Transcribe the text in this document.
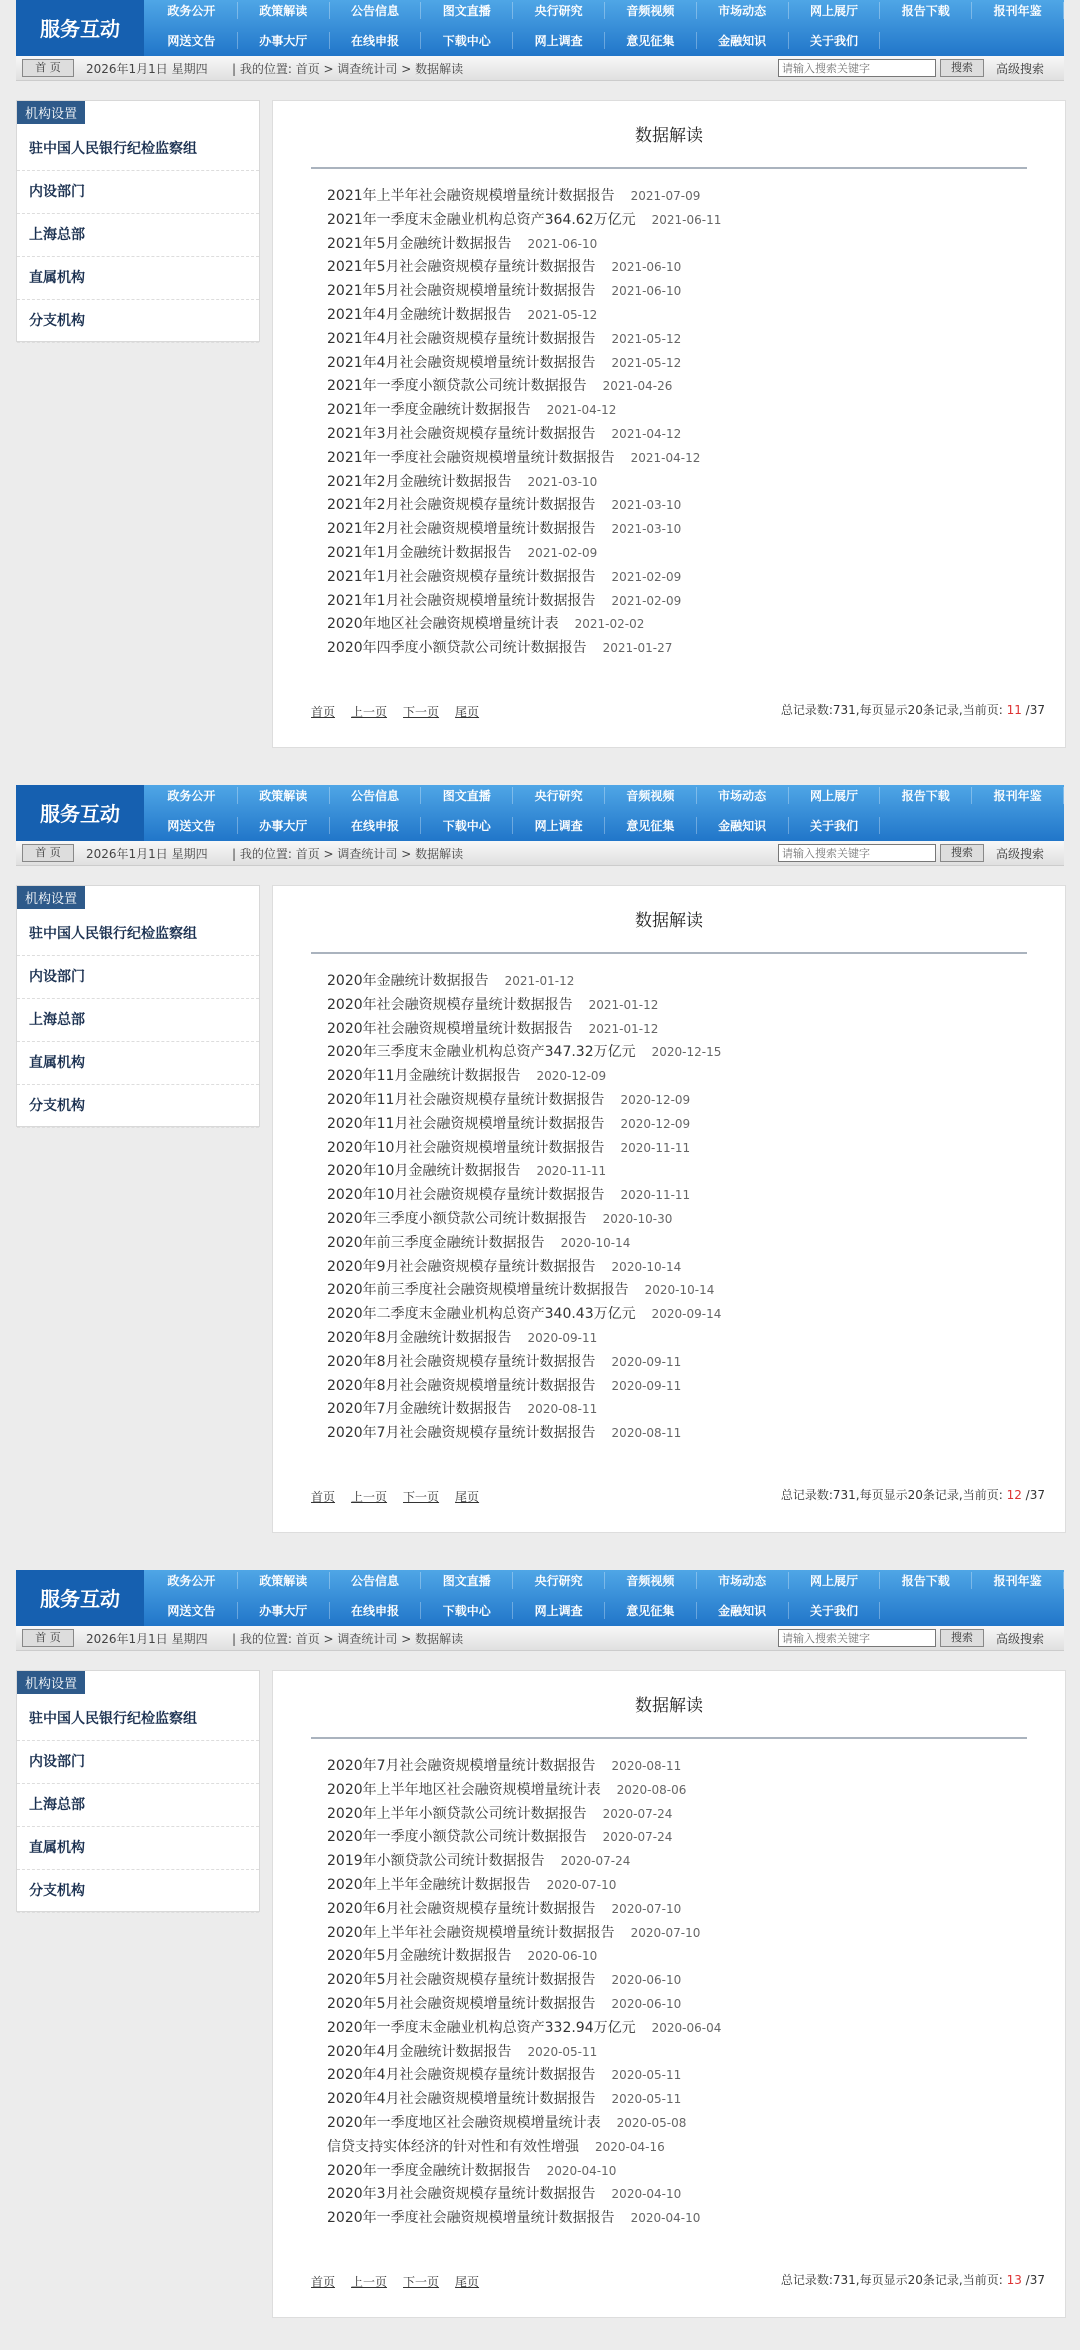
服务互动
政务公开	政策解读	公告信息	图文直播	央行研究	音频视频	市场动态	网上展厅	报告下载	报刊年鉴
网送文告	办事大厅	在线申报	下载中心	网上调查	意见征集	金融知识	关于我们
首 页	2026年1月1日 星期四 | 我的位置: 首页 > 调查统计司 > 数据解读
请输入搜索关键字	搜索	高级搜索
机构设置
驻中国人民银行纪检监察组
内设部门
上海总部
直属机构
分支机构
数据解读
2021年上半年社会融资规模增量统计数据报告 2021-07-09
2021年一季度末金融业机构总资产364.62万亿元 2021-06-11
2021年5月金融统计数据报告 2021-06-10
2021年5月社会融资规模存量统计数据报告 2021-06-10
2021年5月社会融资规模增量统计数据报告 2021-06-10
2021年4月金融统计数据报告 2021-05-12
2021年4月社会融资规模存量统计数据报告 2021-05-12
2021年4月社会融资规模增量统计数据报告 2021-05-12
2021年一季度小额贷款公司统计数据报告 2021-04-26
2021年一季度金融统计数据报告 2021-04-12
2021年3月社会融资规模存量统计数据报告 2021-04-12
2021年一季度社会融资规模增量统计数据报告 2021-04-12
2021年2月金融统计数据报告 2021-03-10
2021年2月社会融资规模存量统计数据报告 2021-03-10
2021年2月社会融资规模增量统计数据报告 2021-03-10
2021年1月金融统计数据报告 2021-02-09
2021年1月社会融资规模存量统计数据报告 2021-02-09
2021年1月社会融资规模增量统计数据报告 2021-02-09
2020年地区社会融资规模增量统计表 2021-02-02
2020年四季度小额贷款公司统计数据报告 2021-01-27
首页 上一页 下一页 尾页	总记录数:731,每页显示20条记录,当前页: 11 /37
服务互动
政务公开	政策解读	公告信息	图文直播	央行研究	音频视频	市场动态	网上展厅	报告下载	报刊年鉴
网送文告	办事大厅	在线申报	下载中心	网上调查	意见征集	金融知识	关于我们
首 页	2026年1月1日 星期四 | 我的位置: 首页 > 调查统计司 > 数据解读
请输入搜索关键字	搜索	高级搜索
机构设置
驻中国人民银行纪检监察组
内设部门
上海总部
直属机构
分支机构
数据解读
2020年金融统计数据报告 2021-01-12
2020年社会融资规模存量统计数据报告 2021-01-12
2020年社会融资规模增量统计数据报告 2021-01-12
2020年三季度末金融业机构总资产347.32万亿元 2020-12-15
2020年11月金融统计数据报告 2020-12-09
2020年11月社会融资规模存量统计数据报告 2020-12-09
2020年11月社会融资规模增量统计数据报告 2020-12-09
2020年10月社会融资规模增量统计数据报告 2020-11-11
2020年10月金融统计数据报告 2020-11-11
2020年10月社会融资规模存量统计数据报告 2020-11-11
2020年三季度小额贷款公司统计数据报告 2020-10-30
2020年前三季度金融统计数据报告 2020-10-14
2020年9月社会融资规模存量统计数据报告 2020-10-14
2020年前三季度社会融资规模增量统计数据报告 2020-10-14
2020年二季度末金融业机构总资产340.43万亿元 2020-09-14
2020年8月金融统计数据报告 2020-09-11
2020年8月社会融资规模存量统计数据报告 2020-09-11
2020年8月社会融资规模增量统计数据报告 2020-09-11
2020年7月金融统计数据报告 2020-08-11
2020年7月社会融资规模存量统计数据报告 2020-08-11
首页 上一页 下一页 尾页	总记录数:731,每页显示20条记录,当前页: 12 /37
服务互动
政务公开	政策解读	公告信息	图文直播	央行研究	音频视频	市场动态	网上展厅	报告下载	报刊年鉴
网送文告	办事大厅	在线申报	下载中心	网上调查	意见征集	金融知识	关于我们
首 页	2026年1月1日 星期四 | 我的位置: 首页 > 调查统计司 > 数据解读
请输入搜索关键字	搜索	高级搜索
机构设置
驻中国人民银行纪检监察组
内设部门
上海总部
直属机构
分支机构
数据解读
2020年7月社会融资规模增量统计数据报告 2020-08-11
2020年上半年地区社会融资规模增量统计表 2020-08-06
2020年上半年小额贷款公司统计数据报告 2020-07-24
2020年一季度小额贷款公司统计数据报告 2020-07-24
2019年小额贷款公司统计数据报告 2020-07-24
2020年上半年金融统计数据报告 2020-07-10
2020年6月社会融资规模存量统计数据报告 2020-07-10
2020年上半年社会融资规模增量统计数据报告 2020-07-10
2020年5月金融统计数据报告 2020-06-10
2020年5月社会融资规模存量统计数据报告 2020-06-10
2020年5月社会融资规模增量统计数据报告 2020-06-10
2020年一季度末金融业机构总资产332.94万亿元 2020-06-04
2020年4月金融统计数据报告 2020-05-11
2020年4月社会融资规模存量统计数据报告 2020-05-11
2020年4月社会融资规模增量统计数据报告 2020-05-11
2020年一季度地区社会融资规模增量统计表 2020-05-08
信贷支持实体经济的针对性和有效性增强 2020-04-16
2020年一季度金融统计数据报告 2020-04-10
2020年3月社会融资规模存量统计数据报告 2020-04-10
2020年一季度社会融资规模增量统计数据报告 2020-04-10
首页 上一页 下一页 尾页	总记录数:731,每页显示20条记录,当前页: 13 /37
